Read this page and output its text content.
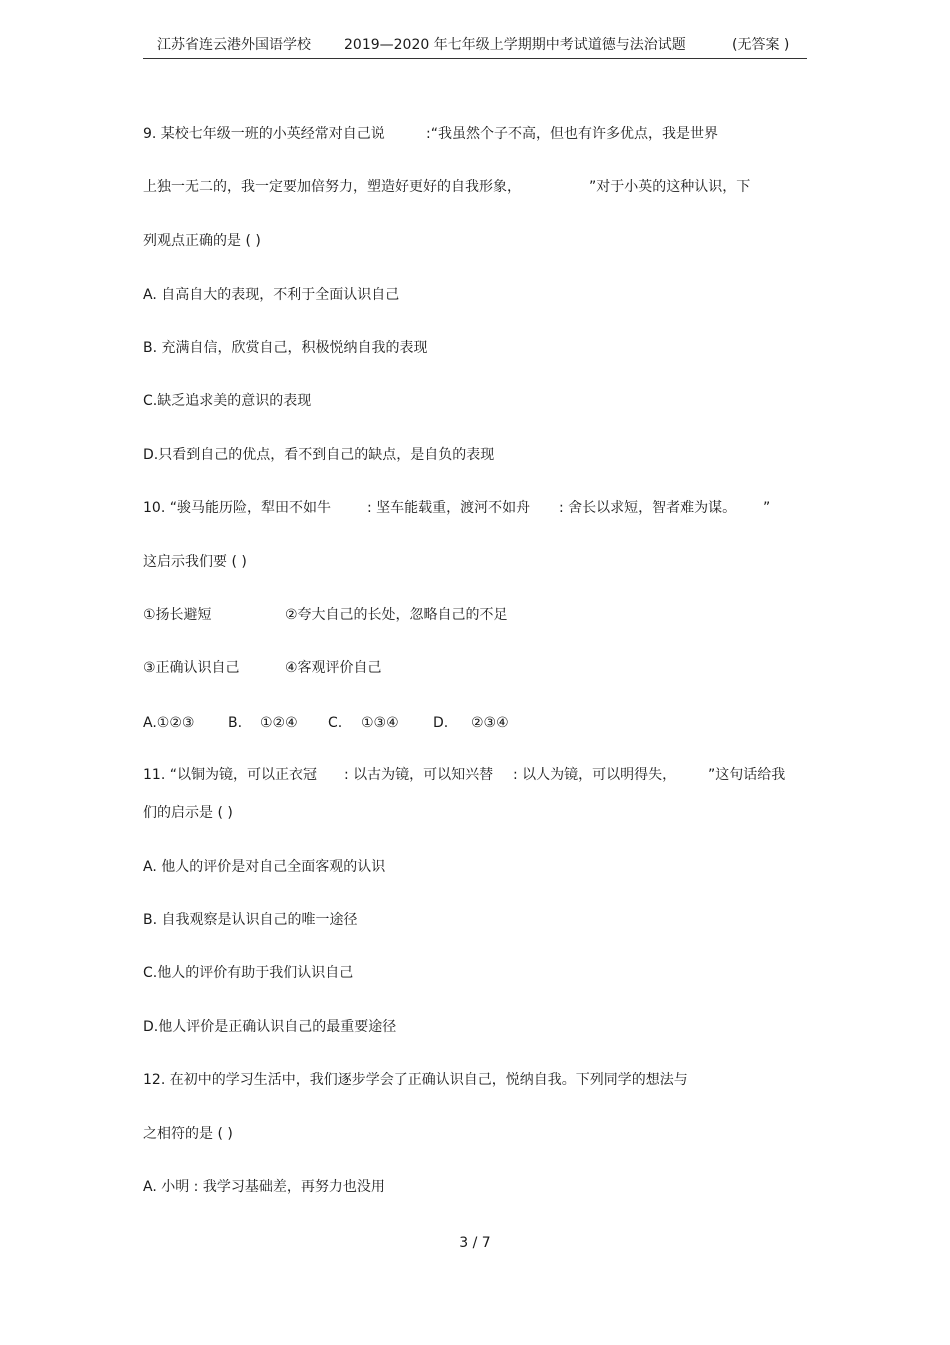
江苏省连云港外国语学校 2019—2020 年七年级上学期期中考试道德与法治试题	(无答案 )
9. 某校七年级一班的小英经常对自己说	:“我虽然个子不高，但也有许多优点，我是世界
上独一无二的，我一定要加倍努力，塑造好更好的自我形象，	”对于小英的这种认识，下
列观点正确的是 ( )
A. 自高自大的表现，不利于全面认识自己
B. 充满自信，欣赏自己，积极悦纳自我的表现
C.缺乏追求美的意识的表现
D.只看到自己的优点，看不到自己的缺点，是自负的表现
10. “骏马能历险，犁田不如牛	: 坚车能载重，渡河不如舟 : 舍长以求短，智者难为谋。 ”
这启示我们要 ( )
①扬长避短	②夸大自己的长处，忽略自己的不足
③正确认识自己	④客观评价自己
A.①②③ B. ①②④ C. ①③④ D. ②③④
11. “以铜为镜，可以正衣冠 : 以古为镜，可以知兴替 : 以人为镜，可以明得失， ”这句话给我
们的启示是 ( )
A. 他人的评价是对自己全面客观的认识
B. 自我观察是认识自己的唯一途径
C.他人的评价有助于我们认识自己
D.他人评价是正确认识自己的最重要途径
12. 在初中的学习生活中，我们逐步学会了正确认识自己，悦纳自我。下列同学的想法与
之相符的是 ( )
A. 小明 : 我学习基础差，再努力也没用
3 / 7
